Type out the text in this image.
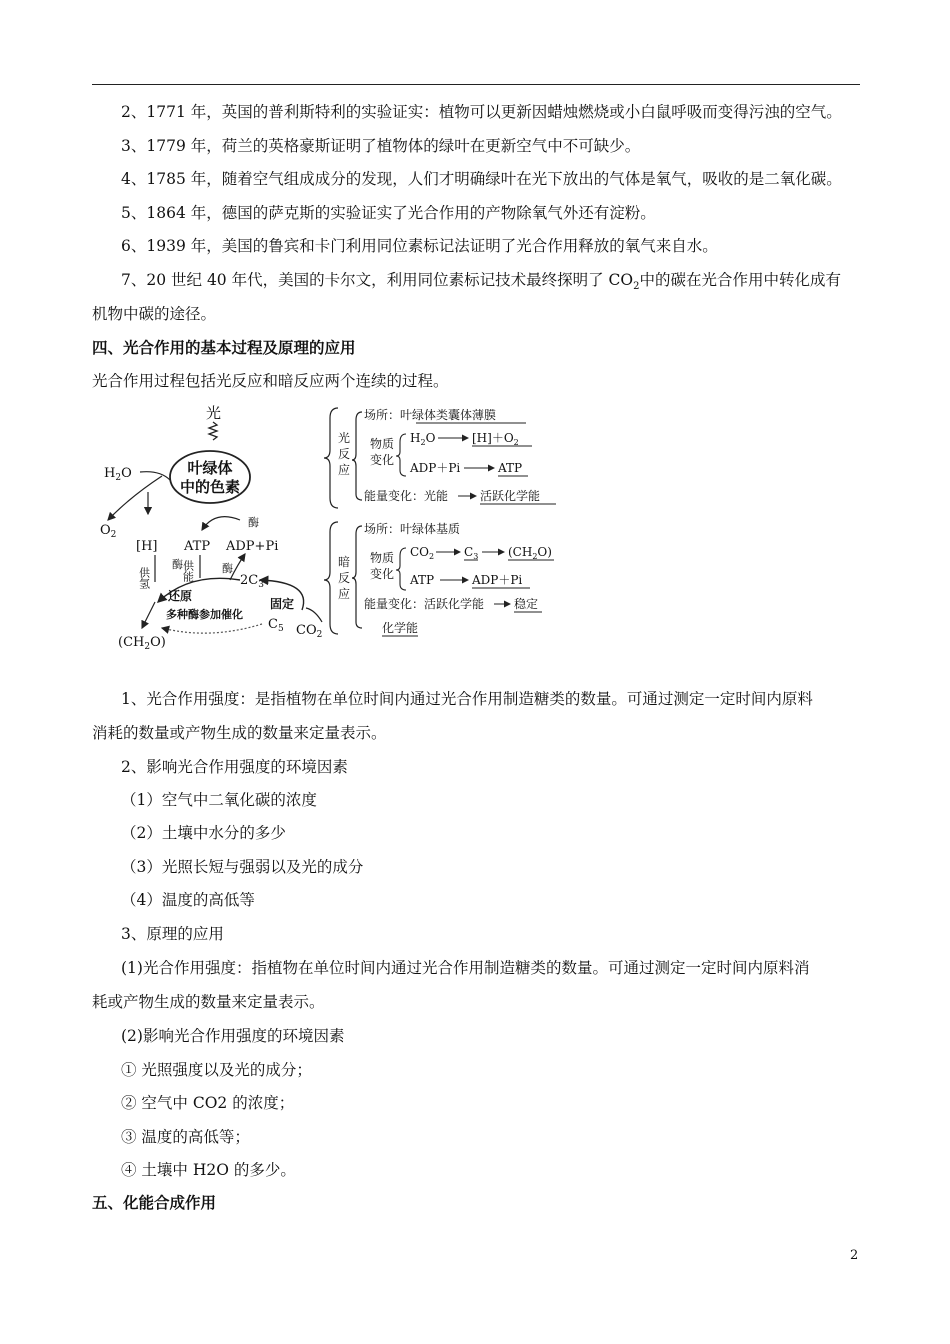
2、1771 年，英国的普利斯特利的实验证实：植物可以更新因蜡烛燃烧或小白鼠呼吸而变得污浊的空气。
3、1779 年，荷兰的英格豪斯证明了植物体的绿叶在更新空气中不可缺少。
4、1785 年，随着空气组成成分的发现，人们才明确绿叶在光下放出的气体是氧气，吸收的是二氧化碳。
5、1864 年，德国的萨克斯的实验证实了光合作用的产物除氧气外还有淀粉。
6、1939 年，美国的鲁宾和卡门利用同位素标记法证明了光合作用释放的氧气来自水。
7、20 世纪 40 年代，美国的卡尔文，利用同位素标记技术最终探明了 $CO_2$中的碳在光合作用中转化成有
机物中碳的途径。
四、光合作用的基本过程及原理的应用
光合作用过程包括光反应和暗反应两个连续的过程。
光
$H_2O$	叶绿体
中的色素
$O_2$
[H]
酶
ATP ADP+Pi
供氢
酶
供能	酶
$2C_3$
还原
多种酶参加催化
固定
$C_5$ $CO_2$
$(CH_2O)$
光
反
应
场所：叶绿体类囊体薄膜
物质
变化
$H_2O$	$[H]+O_2$
ADP＋Pi	ATP
能量变化：光能	活跃化学能
暗
反
应
场所：叶绿体基质
物质
变化
$CO_2$ $C_3$ $(CH_2O)$
ATP	ADP＋Pi
能量变化：活跃化学能 稳定
化学能
1、光合作用强度：是指植物在单位时间内通过光合作用制造糖类的数量。可通过测定一定时间内原料
消耗的数量或产物生成的数量来定量表示。
2、影响光合作用强度的环境因素
（1）空气中二氧化碳的浓度
（2）土壤中水分的多少
（3）光照长短与强弱以及光的成分
（4）温度的高低等
3、原理的应用
(1)光合作用强度：指植物在单位时间内通过光合作用制造糖类的数量。可通过测定一定时间内原料消
耗或产物生成的数量来定量表示。
(2)影响光合作用强度的环境因素
① 光照强度以及光的成分；
② 空气中 CO2 的浓度；
③ 温度的高低等；
④ 土壤中 H2O 的多少。
五、化能合成作用
2
